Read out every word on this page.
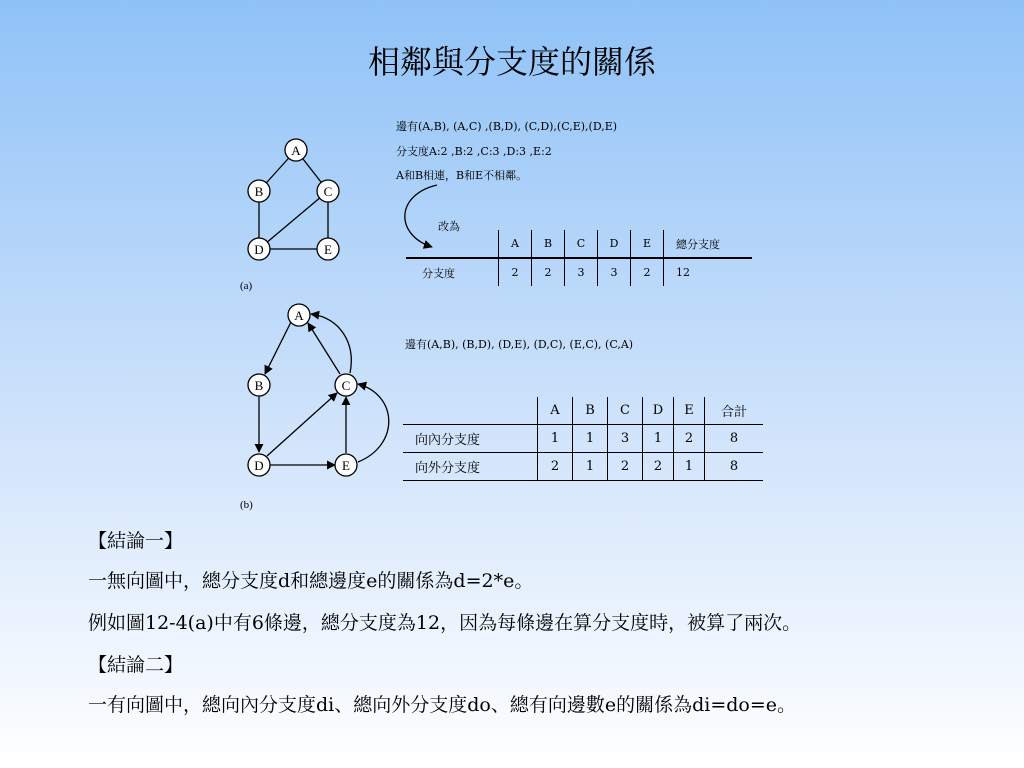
相鄰與分支度的關係
A
B	C
D	E
(a)
A
B	C
D	E
(b)
邊有(A,B), (A,C) ,(B,D), (C,D),(C,E),(D,E)
分支度A:2 ,B:2 ,C:3 ,D:3 ,E:2
A和B相連，B和E不相鄰。
改為
	A	B	C	D	E	總分支度
分支度	2	2	3	3	2	12
邊有(A,B), (B,D), (D,E), (D,C), (E,C), (C,A)
	A	B	C	D	E	合計
向內分支度	1	1	3	1	2	8
向外分支度	2	1	2	2	1	8
【結論一】
一無向圖中，總分支度d和總邊度e的關係為d=2*e。
例如圖12-4(a)中有6條邊，總分支度為12，因為每條邊在算分支度時，被算了兩次。
【結論二】
一有向圖中，總向內分支度di、總向外分支度do、總有向邊數e的關係為di=do=e。
